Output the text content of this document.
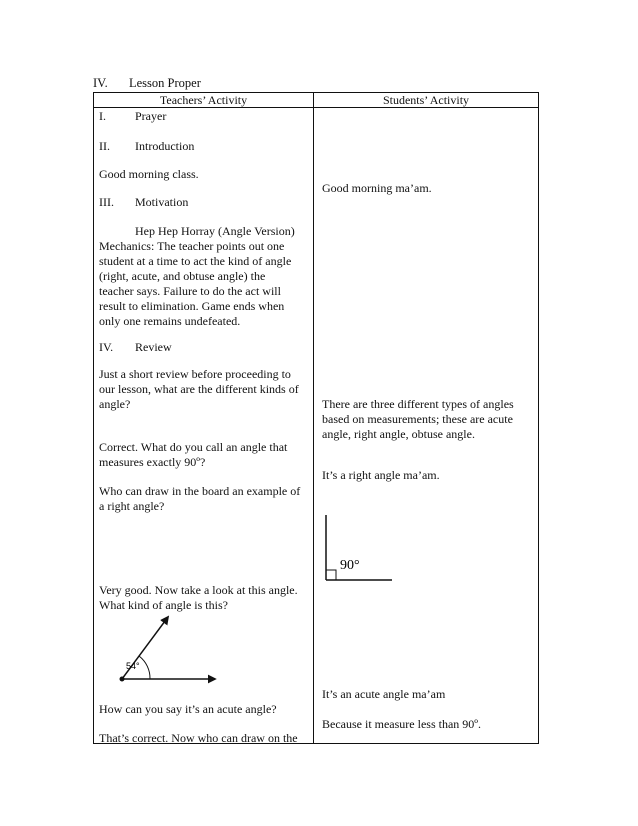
IV. Lesson Proper
Teachers’ Activity	Students’ Activity
I. Prayer
II. Introduction
Good morning class.
III. Motivation
Hep Hep Horray (Angle Version)
Mechanics: The teacher points out one
student at a time to act the kind of angle
(right, acute, and obtuse angle) the
teacher says. Failure to do the act will
result to elimination. Game ends when
only one remains undefeated.
IV. Review
Just a short review before proceeding to
our lesson, what are the different kinds of
angle?
Correct. What do you call an angle that
measures exactly 90º?
Who can draw in the board an example of
a right angle?
Very good. Now take a look at this angle.
What kind of angle is this?
54°
How can you say it’s an acute angle?
That’s correct. Now who can draw on the
Good morning ma’am.
There are three different types of angles
based on measurements; these are acute
angle, right angle, obtuse angle.
It’s a right angle ma’am.
90°
It’s an acute angle ma’am
Because it measure less than 90º.
